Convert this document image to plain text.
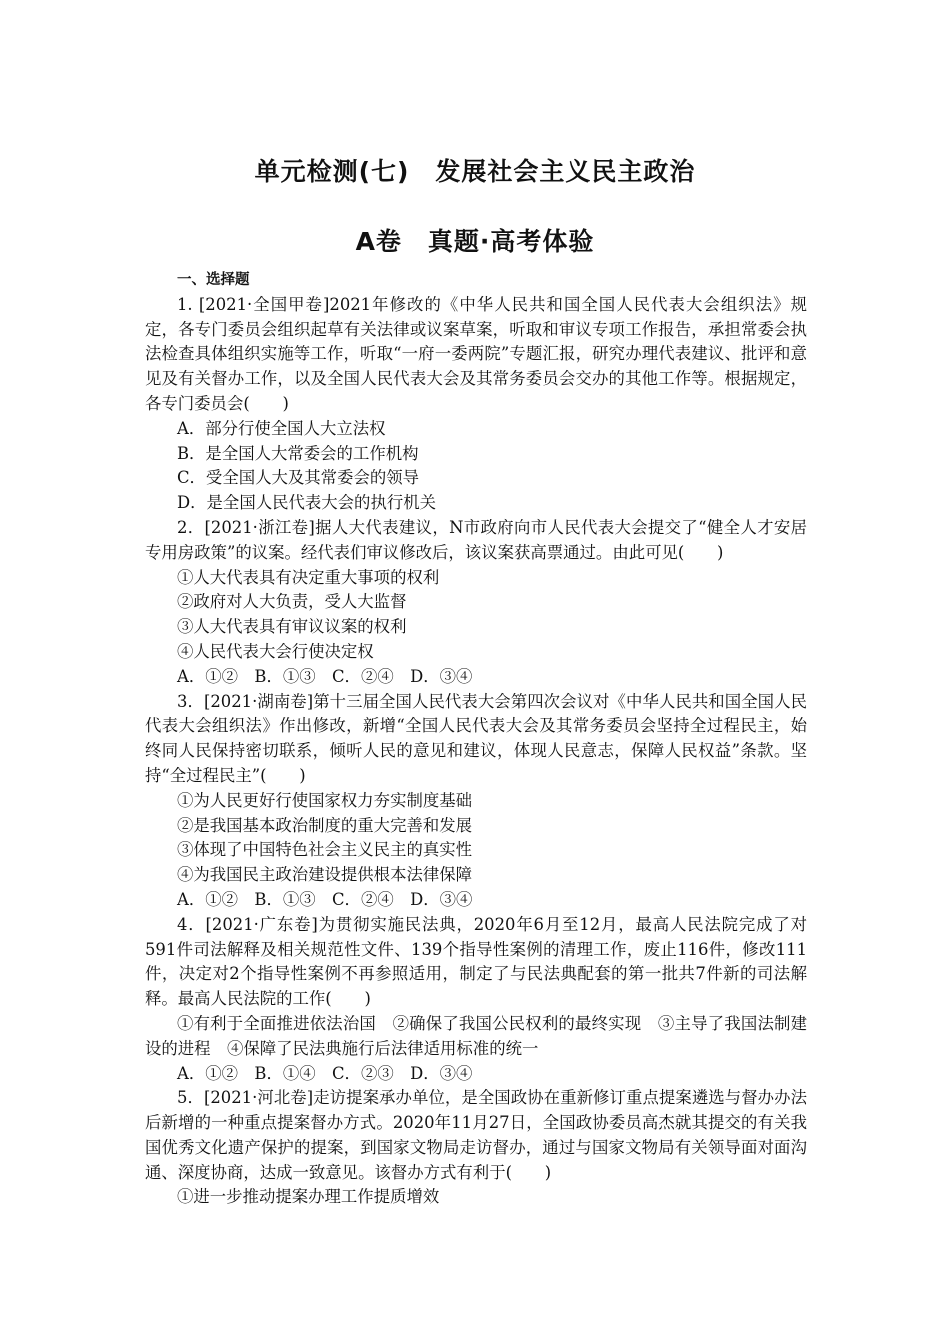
单元检测(七)　发展社会主义民主政治
A卷　真题·高考体验
一、选择题

1. [2021·全国甲卷]2021年修改的《中华人民共和国全国人民代表大会组织法》规定，各专门委员会组织起草有关法律或议案草案，听取和审议专项工作报告，承担常委会执法检查具体组织实施等工作，听取“一府一委两院”专题汇报，研究办理代表建议、批评和意见及有关督办工作，以及全国人民代表大会及其常务委员会交办的其他工作等。根据规定，各专门委员会(　　)

A．部分行使全国人大立法权

B．是全国人大常委会的工作机构

C．受全国人大及其常委会的领导

D．是全国人民代表大会的执行机关

2．[2021·浙江卷]据人大代表建议，N市政府向市人民代表大会提交了“健全人才安居专用房政策”的议案。经代表们审议修改后，该议案获高票通过。由此可见(　　)

①人大代表具有决定重大事项的权利

②政府对人大负责，受人大监督

③人大代表具有审议议案的权利

④人民代表大会行使决定权

A．①②　B．①③　C．②④　D．③④

3．[2021·湖南卷]第十三届全国人民代表大会第四次会议对《中华人民共和国全国人民代表大会组织法》作出修改，新增“全国人民代表大会及其常务委员会坚持全过程民主，始终同人民保持密切联系，倾听人民的意见和建议，体现人民意志，保障人民权益”条款。坚持“全过程民主”(　　)

①为人民更好行使国家权力夯实制度基础

②是我国基本政治制度的重大完善和发展

③体现了中国特色社会主义民主的真实性

④为我国民主政治建设提供根本法律保障

A．①②　B．①③　C．②④　D．③④

4．[2021·广东卷]为贯彻实施民法典，2020年6月至12月，最高人民法院完成了对591件司法解释及相关规范性文件、139个指导性案例的清理工作，废止116件，修改111件，决定对2个指导性案例不再参照适用，制定了与民法典配套的第一批共7件新的司法解释。最高人民法院的工作(　　)

①有利于全面推进依法治国　②确保了我国公民权利的最终实现　③主导了我国法制建设的进程　④保障了民法典施行后法律适用标准的统一

A．①②　B．①④　C．②③　D．③④

5．[2021·河北卷]走访提案承办单位，是全国政协在重新修订重点提案遴选与督办办法后新增的一种重点提案督办方式。2020年11月27日，全国政协委员高杰就其提交的有关我国优秀文化遗产保护的提案，到国家文物局走访督办，通过与国家文物局有关领导面对面沟通、深度协商，达成一致意见。该督办方式有利于(　　)

①进一步推动提案办理工作提质增效
